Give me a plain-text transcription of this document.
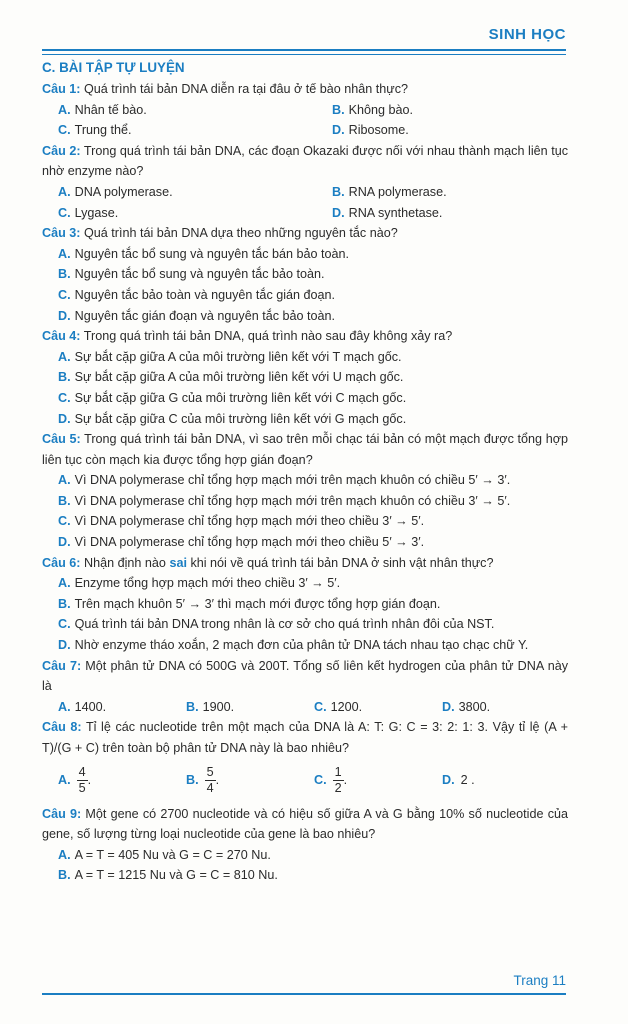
SINH HỌC
C. BÀI TẬP TỰ LUYỆN

Câu 1: Quá trình tái bản DNA diễn ra tại đâu ở tế bào nhân thực?

A. Nhân tế bào.	B. Không bào.
C. Trung thể.	D. Ribosome.

Câu 2: Trong quá trình tái bản DNA, các đoạn Okazaki được nối với nhau thành mạch liên tục nhờ enzyme nào?

A. DNA polymerase.	B. RNA polymerase.
C. Lygase.	D. RNA synthetase.

Câu 3: Quá trình tái bản DNA dựa theo những nguyên tắc nào?

A. Nguyên tắc bổ sung và nguyên tắc bán bảo toàn.
B. Nguyên tắc bổ sung và nguyên tắc bảo toàn.
C. Nguyên tắc bảo toàn và nguyên tắc gián đoạn.
D. Nguyên tắc gián đoạn và nguyên tắc bảo toàn.

Câu 4: Trong quá trình tái bản DNA, quá trình nào sau đây không xảy ra?

A. Sự bắt cặp giữa A của môi trường liên kết với T mạch gốc.
B. Sự bắt cặp giữa A của môi trường liên kết với U mạch gốc.
C. Sự bắt cặp giữa G của môi trường liên kết với C mạch gốc.
D. Sự bắt cặp giữa C của môi trường liên kết với G mạch gốc.

Câu 5: Trong quá trình tái bản DNA, vì sao trên mỗi chạc tái bản có một mạch được tổng hợp liên tục còn mạch kia được tổng hợp gián đoạn?

A. Vì DNA polymerase chỉ tổng hợp mạch mới trên mạch khuôn có chiều 5′ → 3′.
B. Vì DNA polymerase chỉ tổng hợp mạch mới trên mạch khuôn có chiều 3′ → 5′.
C. Vì DNA polymerase chỉ tổng hợp mạch mới theo chiều 3′ → 5′.
D. Vì DNA polymerase chỉ tổng hợp mạch mới theo chiều 5′ → 3′.

Câu 6: Nhận định nào sai khi nói về quá trình tái bản DNA ở sinh vật nhân thực?

A. Enzyme tổng hợp mạch mới theo chiều 3′ → 5′.
B. Trên mạch khuôn 5′ → 3′ thì mạch mới được tổng hợp gián đoạn.
C. Quá trình tái bản DNA trong nhân là cơ sở cho quá trình nhân đôi của NST.
D. Nhờ enzyme tháo xoắn, 2 mạch đơn của phân tử DNA tách nhau tạo chạc chữ Y.

Câu 7: Một phân tử DNA có 500G và 200T. Tổng số liên kết hydrogen của phân tử DNA này là

A. 1400.	B. 1900.	C. 1200.	D. 3800.

Câu 8: Tỉ lệ các nucleotide trên một mạch của DNA là A: T: G: C = 3: 2: 1: 3. Vậy tỉ lệ (A + T)/(G + C) trên toàn bộ phân tử DNA này là bao nhiêu?

A. $\frac{4}{5}$ .	B. $\frac{5}{4}$ .	C. $\frac{1}{2}$ .	D. 2 .

Câu 9: Một gene có 2700 nucleotide và có hiệu số giữa A và G bằng 10% số nucleotide của gene, số lượng từng loại nucleotide của gene là bao nhiêu?

A. A = T = 405 Nu và G = C = 270 Nu.
B. A = T = 1215 Nu và G = C = 810 Nu.
Trang 11
